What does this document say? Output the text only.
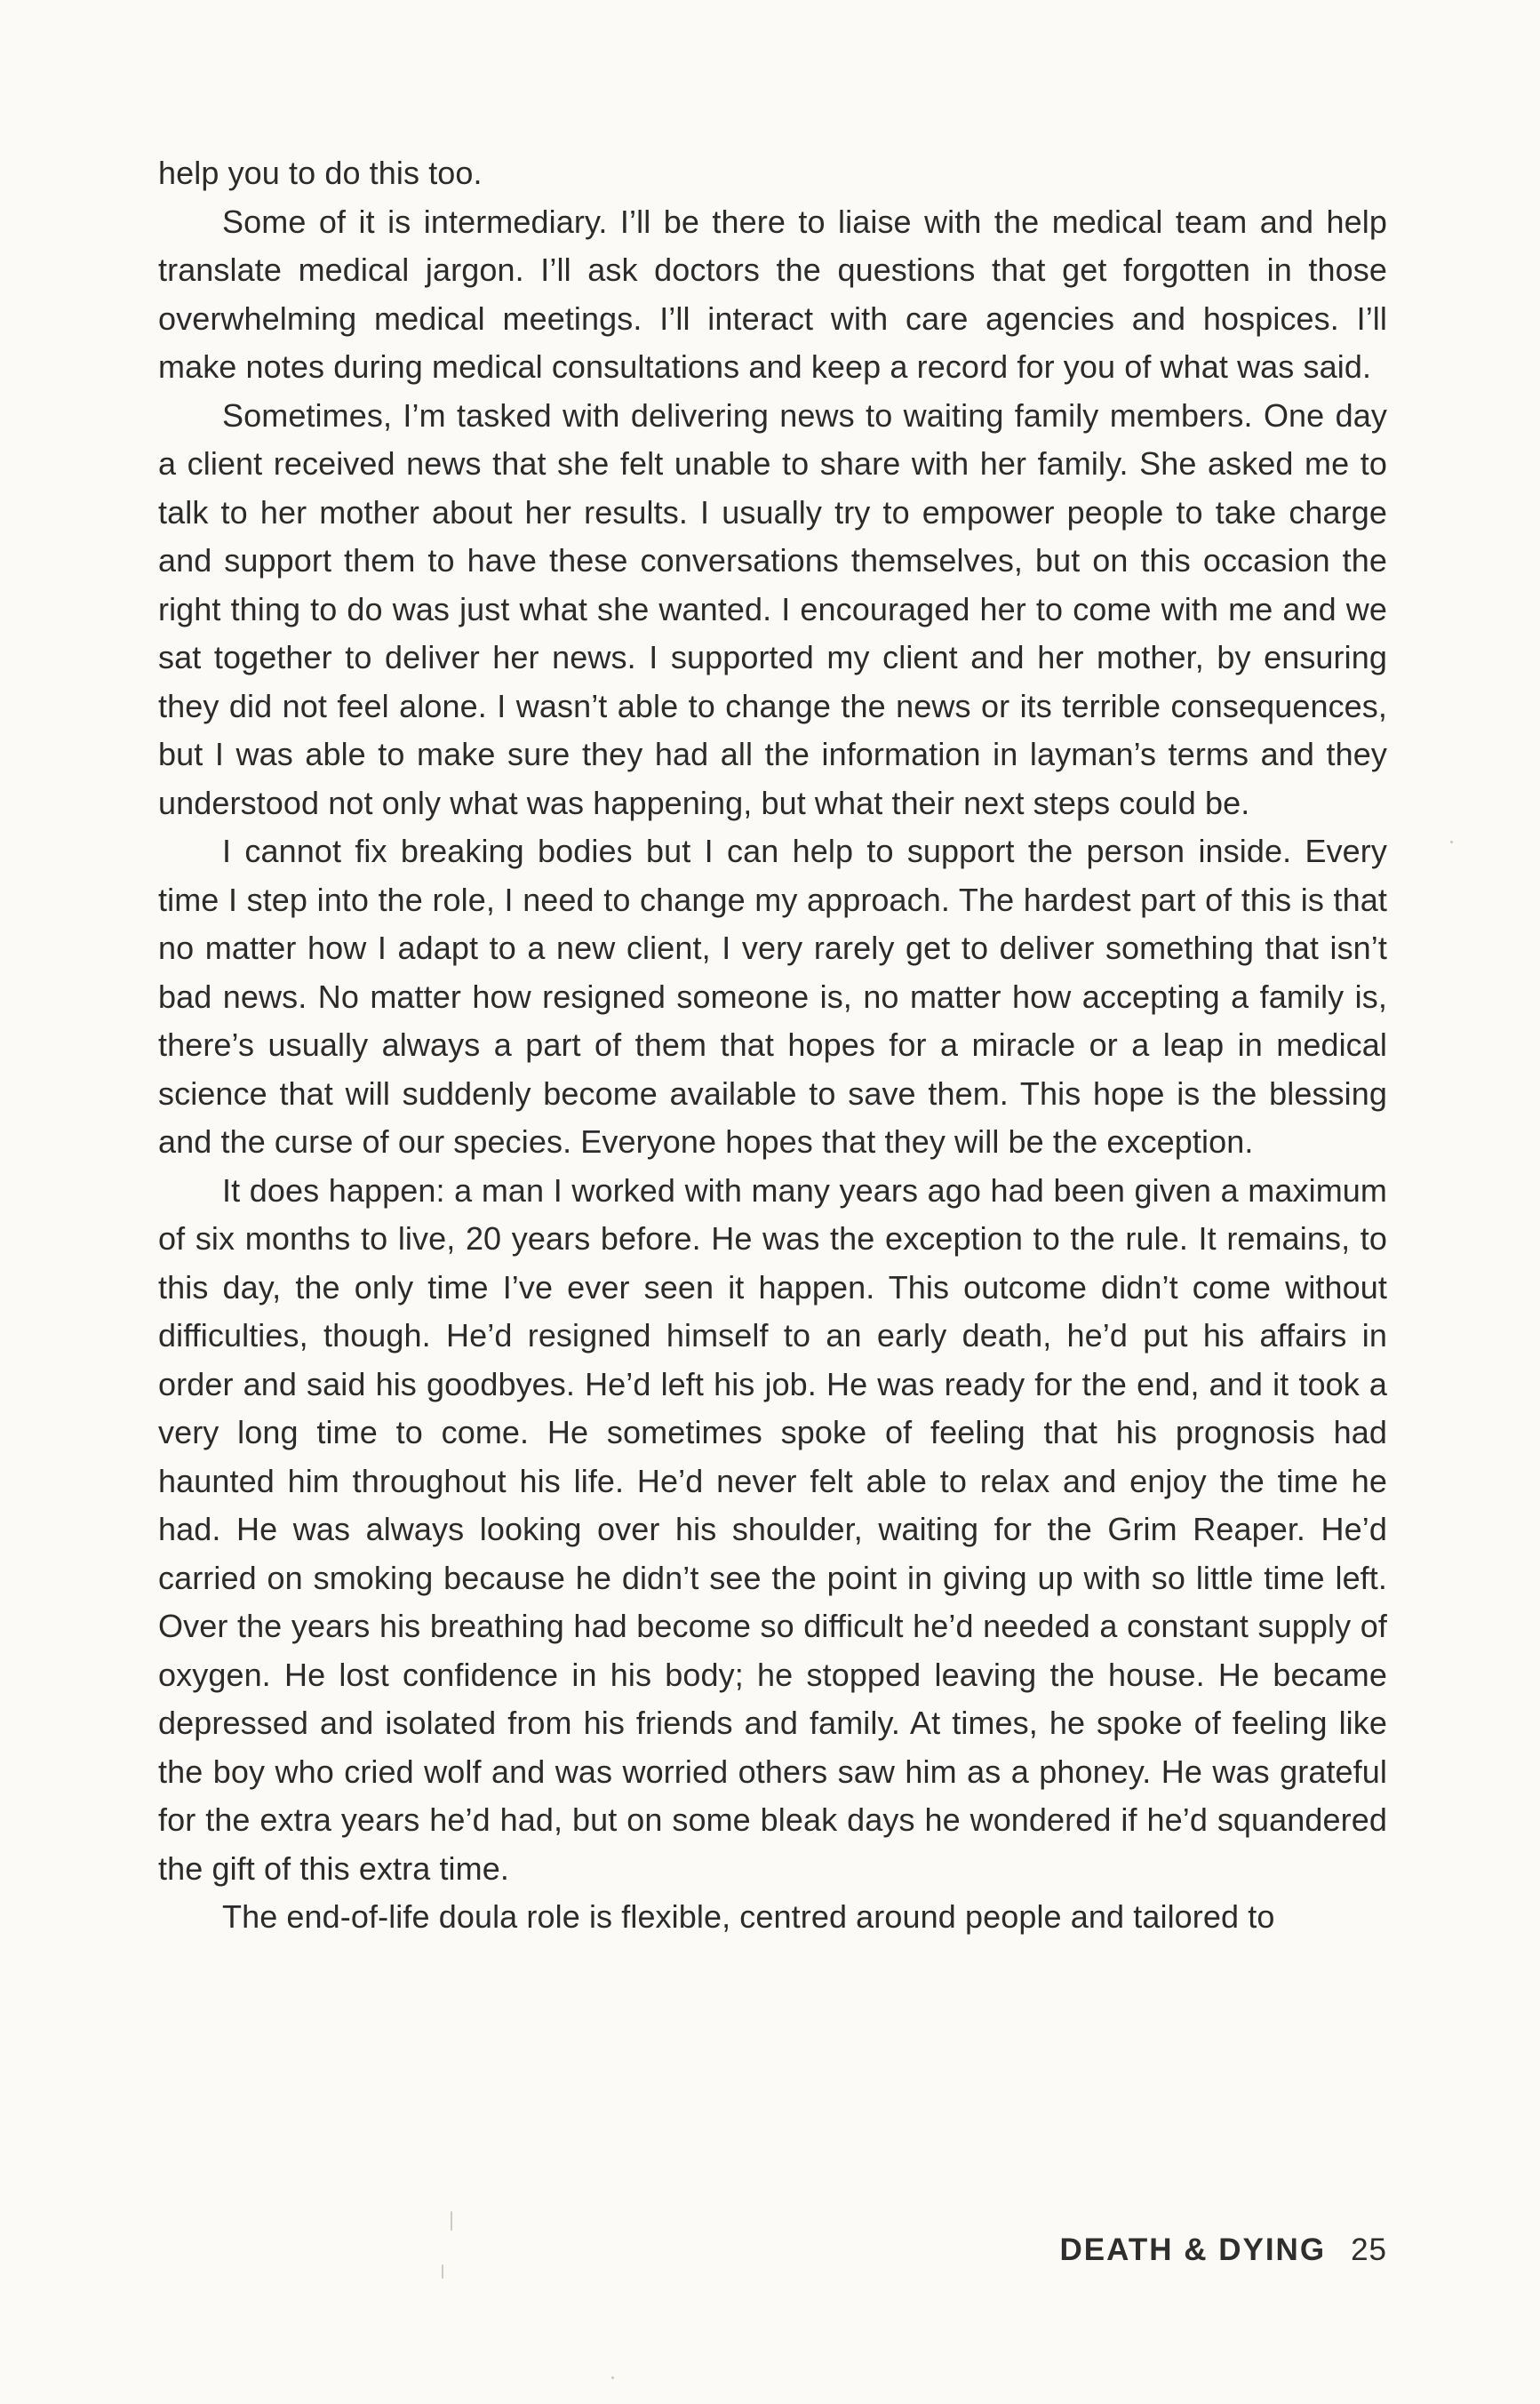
help you to do this too.

Some of it is intermediary. I’ll be there to liaise with the medical team and help translate medical jargon. I’ll ask doctors the questions that get forgotten in those overwhelming medical meetings. I’ll interact with care agencies and hospices. I’ll make notes during medical consultations and keep a record for you of what was said.

Sometimes, I’m tasked with delivering news to waiting family members. One day a client received news that she felt unable to share with her family. She asked me to talk to her mother about her results. I usually try to empower people to take charge and support them to have these conversations themselves, but on this occasion the right thing to do was just what she wanted. I encouraged her to come with me and we sat together to deliver her news. I supported my client and her mother, by ensuring they did not feel alone. I wasn’t able to change the news or its terrible consequences, but I was able to make sure they had all the information in layman’s terms and they understood not only what was happening, but what their next steps could be.

I cannot fix breaking bodies but I can help to support the person inside. Every time I step into the role, I need to change my approach. The hardest part of this is that no matter how I adapt to a new client, I very rarely get to deliver something that isn’t bad news. No matter how resigned someone is, no matter how accepting a family is, there’s usually always a part of them that hopes for a miracle or a leap in medical science that will suddenly become available to save them. This hope is the blessing and the curse of our species. Everyone hopes that they will be the exception.

It does happen: a man I worked with many years ago had been given a maximum of six months to live, 20 years before. He was the exception to the rule. It remains, to this day, the only time I’ve ever seen it happen. This outcome didn’t come without difficulties, though. He’d resigned himself to an early death, he’d put his affairs in order and said his goodbyes. He’d left his job. He was ready for the end, and it took a very long time to come. He sometimes spoke of feeling that his prognosis had haunted him throughout his life. He’d never felt able to relax and enjoy the time he had. He was always looking over his shoulder, waiting for the Grim Reaper. He’d carried on smoking because he didn’t see the point in giving up with so little time left. Over the years his breathing had become so difficult he’d needed a constant supply of oxygen. He lost confidence in his body; he stopped leaving the house. He became depressed and isolated from his friends and family. At times, he spoke of feeling like the boy who cried wolf and was worried others saw him as a phoney. He was grateful for the extra years he’d had, but on some bleak days he wondered if he’d squandered the gift of this extra time.

The end-of-life doula role is flexible, centred around people and tailored to

DEATH & DYING 25
